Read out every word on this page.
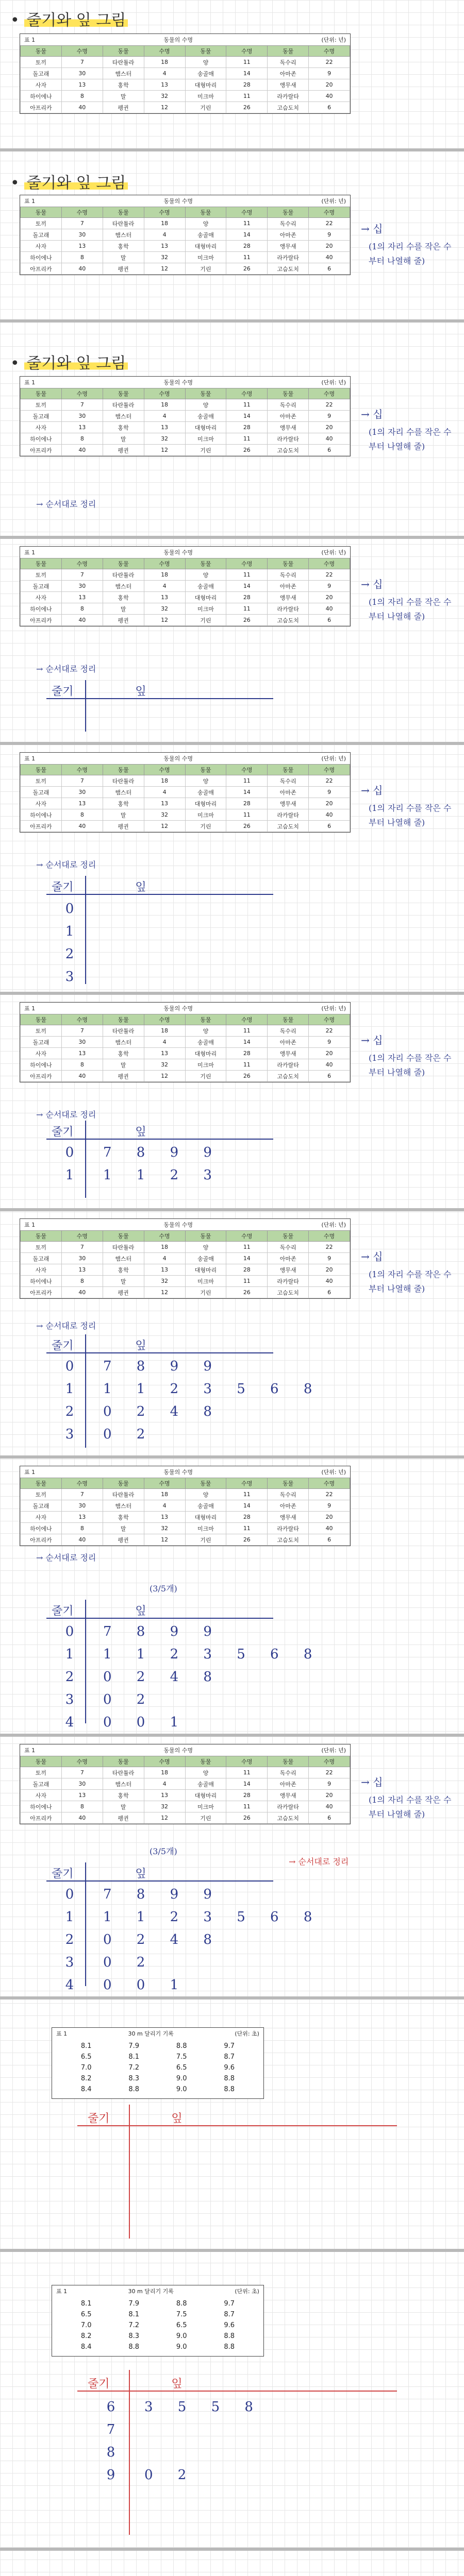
• 줄기와 잎 그림
표 1	동물의 수명	(단위: 년)
동물	수명	동물	수명	동물	수명	동물	수명
토끼	7	타란튤라	18	양	11	독수리	22
돌고래	30	햄스터	4	송골매	14	아마존	9
사자	13	홍학	13	대형마리	28	앵무새	20
하이에나	8	말	32	미크마	11	라카랄타	40
아프리카	40	펭귄	12	기린	26	고슴도치	6
• 줄기와 잎 그림
표 1	동물의 수명	(단위: 년)
동물	수명	동물	수명	동물	수명	동물	수명
토끼	7	타란튤라	18	양	11	독수리	22
돌고래	30	햄스터	4	송골매	14	아마존	9
사자	13	홍학	13	대형마리	28	앵무새	20
하이에나	8	말	32	미크마	11	라카랄타	40
아프리카	40	펭귄	12	기린	26	고슴도치	6
→ 십
(1의 자리 수를 작은 수부터 나열해 줄)
• 줄기와 잎 그림
표 1	동물의 수명	(단위: 년)
동물	수명	동물	수명	동물	수명	동물	수명
토끼	7	타란튤라	18	양	11	독수리	22
돌고래	30	햄스터	4	송골매	14	아마존	9
사자	13	홍학	13	대형마리	28	앵무새	20
하이에나	8	말	32	미크마	11	라카랄타	40
아프리카	40	펭귄	12	기린	26	고슴도치	6
→ 십
(1의 자리 수를 작은 수부터 나열해 줄)
→ 순서대로 정리
표 1	동물의 수명	(단위: 년)
동물	수명	동물	수명	동물	수명	동물	수명
토끼	7	타란튤라	18	양	11	독수리	22
돌고래	30	햄스터	4	송골매	14	아마존	9
사자	13	홍학	13	대형마리	28	앵무새	20
하이에나	8	말	32	미크마	11	라카랄타	40
아프리카	40	펭귄	12	기린	26	고슴도치	6
→ 십
(1의 자리 수를 작은 수부터 나열해 줄)
→ 순서대로 정리
줄기	잎
표 1	동물의 수명	(단위: 년)
동물	수명	동물	수명	동물	수명	동물	수명
토끼	7	타란튤라	18	양	11	독수리	22
돌고래	30	햄스터	4	송골매	14	아마존	9
사자	13	홍학	13	대형마리	28	앵무새	20
하이에나	8	말	32	미크마	11	라카랄타	40
아프리카	40	펭귄	12	기린	26	고슴도치	6
→ 십
(1의 자리 수를 작은 수부터 나열해 줄)
→ 순서대로 정리
줄기	잎
0
1
2
3
표 1	동물의 수명	(단위: 년)
동물	수명	동물	수명	동물	수명	동물	수명
토끼	7	타란튤라	18	양	11	독수리	22
돌고래	30	햄스터	4	송골매	14	아마존	9
사자	13	홍학	13	대형마리	28	앵무새	20
하이에나	8	말	32	미크마	11	라카랄타	40
아프리카	40	펭귄	12	기린	26	고슴도치	6
→ 십
(1의 자리 수를 작은 수부터 나열해 줄)
→ 순서대로 정리
줄기	잎
0	7 8 9 9
1	1 1 2 3
표 1	동물의 수명	(단위: 년)
동물	수명	동물	수명	동물	수명	동물	수명
토끼	7	타란튤라	18	양	11	독수리	22
돌고래	30	햄스터	4	송골매	14	아마존	9
사자	13	홍학	13	대형마리	28	앵무새	20
하이에나	8	말	32	미크마	11	라카랄타	40
아프리카	40	펭귄	12	기린	26	고슴도치	6
→ 십
(1의 자리 수를 작은 수부터 나열해 줄)
→ 순서대로 정리
줄기	잎
0	7 8 9 9
1	1 1 2 3 5 6 8
2	0 2 4 8
3	0 2
표 1	동물의 수명	(단위: 년)
동물	수명	동물	수명	동물	수명	동물	수명
토끼	7	타란튤라	18	양	11	독수리	22
돌고래	30	햄스터	4	송골매	14	아마존	9
사자	13	홍학	13	대형마리	28	앵무새	20
하이에나	8	말	32	미크마	11	라카랄타	40
아프리카	40	펭귄	12	기린	26	고슴도치	6
→ 순서대로 정리
(3/5개)
줄기	잎
0	7 8 9 9
1	1 1 2 3 5 6 8
2	0 2 4 8
3	0 2
4	0 0 1
표 1	동물의 수명	(단위: 년)
동물	수명	동물	수명	동물	수명	동물	수명
토끼	7	타란튤라	18	양	11	독수리	22
돌고래	30	햄스터	4	송골매	14	아마존	9
사자	13	홍학	13	대형마리	28	앵무새	20
하이에나	8	말	32	미크마	11	라카랄타	40
아프리카	40	펭귄	12	기린	26	고슴도치	6
→ 십
(1의 자리 수를 작은 수부터 나열해 줄)
→ 순서대로 정리
(3/5개)
줄기	잎
0	7 8 9 9
1	1 1 2 3 5 6 8
2	0 2 4 8
3	0 2
4	0 0 1
표 1	30 m 달리기 기록	(단위: 초)
8.1	7.9	8.8	9.7
6.5	8.1	7.5	8.7
7.0	7.2	6.5	9.6
8.2	8.3	9.0	8.8
8.4	8.8	9.0	8.8
줄기	잎
표 1	30 m 달리기 기록	(단위: 초)
8.1	7.9	8.8	9.7
6.5	8.1	7.5	8.7
7.0	7.2	6.5	9.6
8.2	8.3	9.0	8.8
8.4	8.8	9.0	8.8
줄기	잎
6	3 5 5 8
7
8
9	0 2
